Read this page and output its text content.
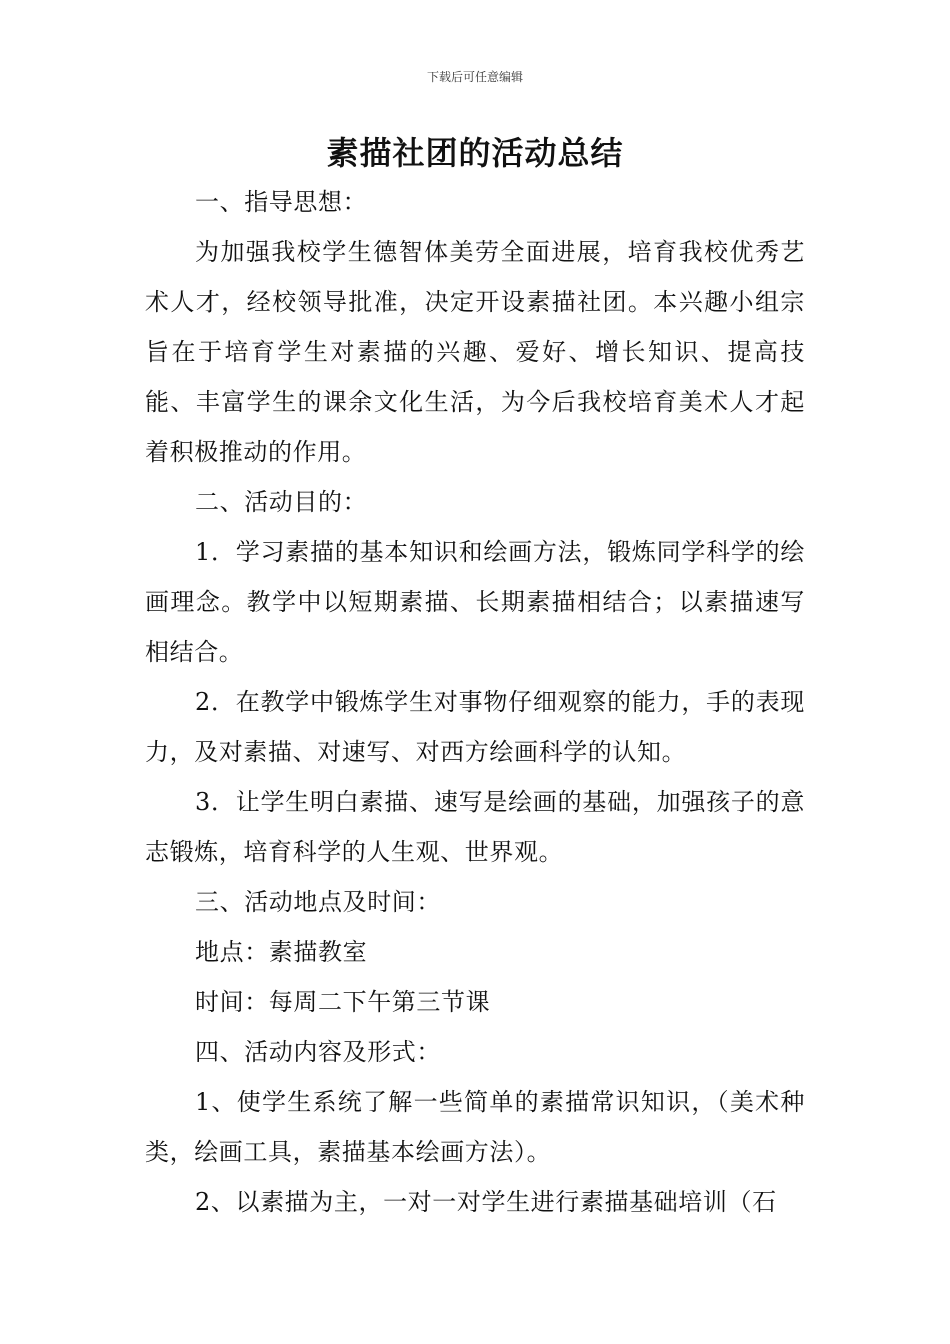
下载后可任意编辑
素描社团的活动总结

一、指导思想：

为加强我校学生德智体美劳全面进展，培育我校优秀艺术人才，经校领导批准，决定开设素描社团。本兴趣小组宗旨在于培育学生对素描的兴趣、爱好、增长知识、提高技能、丰富学生的课余文化生活，为今后我校培育美术人才起着积极推动的作用。

二、活动目的：

1．学习素描的基本知识和绘画方法，锻炼同学科学的绘画理念。教学中以短期素描、长期素描相结合；以素描速写相结合。

2．在教学中锻炼学生对事物仔细观察的能力，手的表现力，及对素描、对速写、对西方绘画科学的认知。

3．让学生明白素描、速写是绘画的基础，加强孩子的意志锻炼，培育科学的人生观、世界观。

三、活动地点及时间：

地点：素描教室

时间：每周二下午第三节课

四、活动内容及形式：

1、使学生系统了解一些简单的素描常识知识，（美术种类，绘画工具，素描基本绘画方法）。

2、以素描为主，一对一对学生进行素描基础培训（石
